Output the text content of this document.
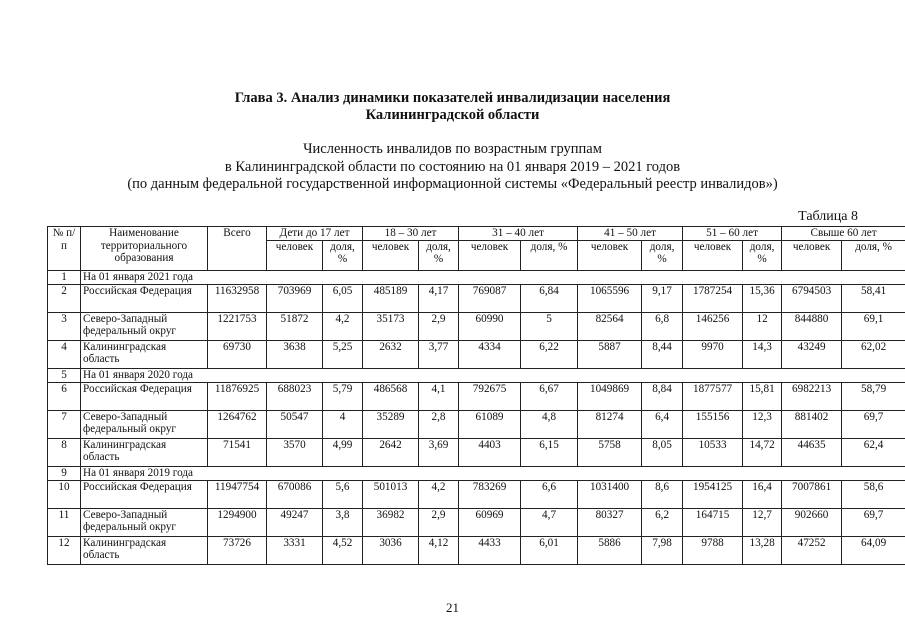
Глава 3. Анализ динамики показателей инвалидизации населения
Калининградской области
Численность инвалидов по возрастным группам
в Калининградской области по состоянию на 01 января 2019 – 2021 годов
(по данным федеральной государственной информационной системы «Федеральный реестр инвалидов»)
Таблица 8
№ п/п	Наименование территориального образования	Всего	Дети до 17 лет		18 – 30 лет		31 – 40 лет		41 – 50 лет		51 – 60 лет		Свыше 60 лет	
			человек	доля, %	человек	доля, %	человек	доля, %	человек	доля, %	человек	доля, %	человек	доля, %
1	На 01 января 2021 года													
2	Российская Федерация	11632958	703969	6,05	485189	4,17	769087	6,84	1065596	9,17	1787254	15,36	6794503	58,41
3	Северо-Западный федеральный округ	1221753	51872	4,2	35173	2,9	60990	5	82564	6,8	146256	12	844880	69,1
4	Калининградская область	69730	3638	5,25	2632	3,77	4334	6,22	5887	8,44	9970	14,3	43249	62,02
5	На 01 января 2020 года													
6	Российская Федерация	11876925	688023	5,79	486568	4,1	792675	6,67	1049869	8,84	1877577	15,81	6982213	58,79
7	Северо-Западный федеральный округ	1264762	50547	4	35289	2,8	61089	4,8	81274	6,4	155156	12,3	881402	69,7
8	Калининградская область	71541	3570	4,99	2642	3,69	4403	6,15	5758	8,05	10533	14,72	44635	62,4
9	На 01 января 2019 года													
10	Российская Федерация	11947754	670086	5,6	501013	4,2	783269	6,6	1031400	8,6	1954125	16,4	7007861	58,6
11	Северо-Западный федеральный округ	1294900	49247	3,8	36982	2,9	60969	4,7	80327	6,2	164715	12,7	902660	69,7
12	Калининградская область	73726	3331	4,52	3036	4,12	4433	6,01	5886	7,98	9788	13,28	47252	64,09
21
